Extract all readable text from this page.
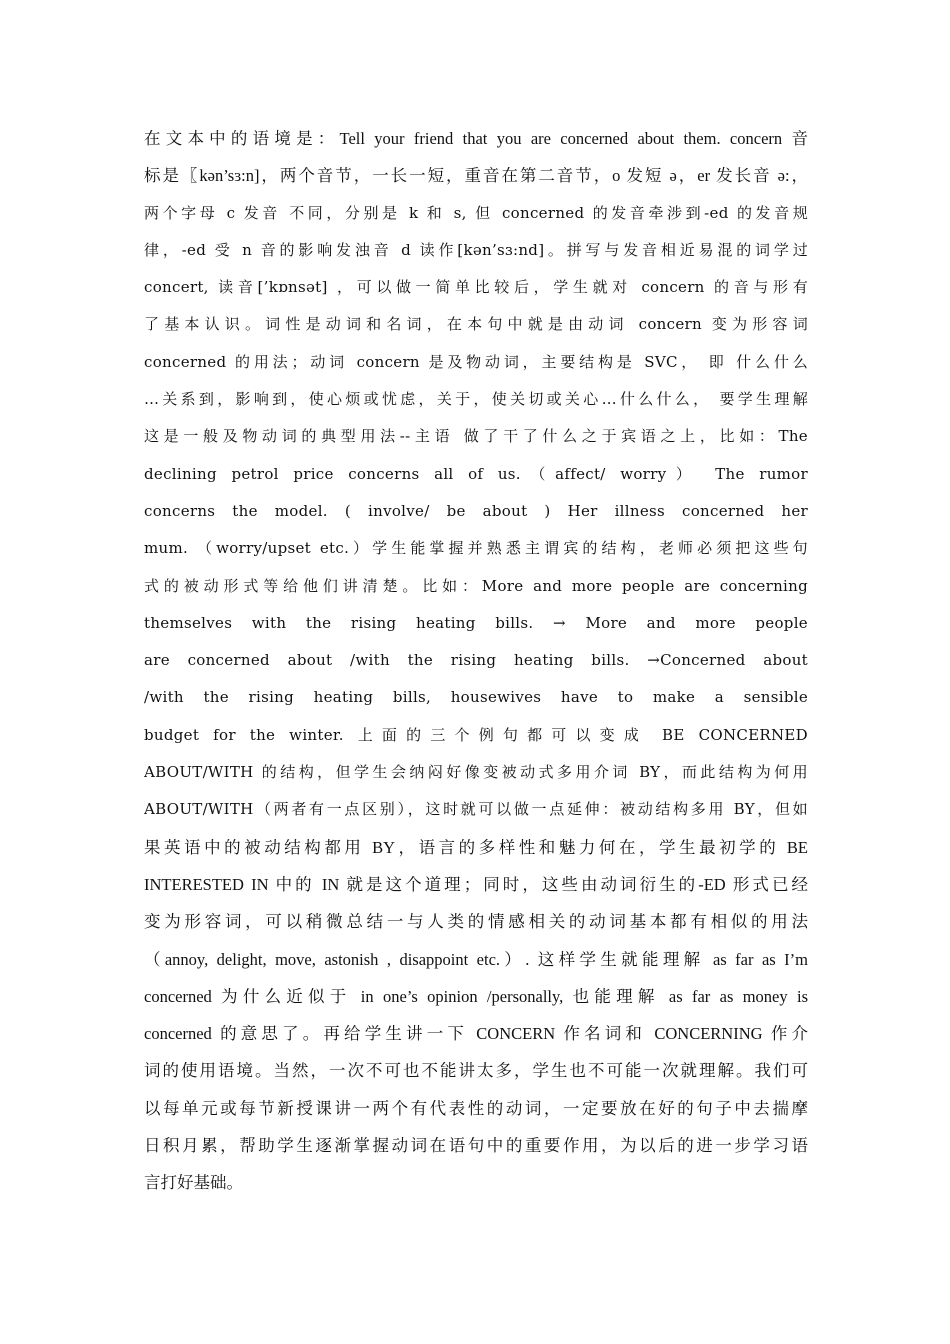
在文本中的语境是：Tell your friend that you are concerned about them. concern 音
标是〖kən’sɜ:n]，两个音节，一长一短，重音在第二音节，o 发短 ə，er 发长音 ə:，
两个字母 c 发音 不同，分别是 k 和 s, 但 concerned 的发音牵涉到-ed 的发音规
律，-ed 受 n 音的影响发浊音 d 读作[kən’sɜ:nd]。拼写与发音相近易混的词学过
concert, 读音[’kɒnsət] ，可以做一简单比较后，学生就对 concern 的音与形有
了基本认识。词性是动词和名词，在本句中就是由动词 concern 变为形容词
concerned 的用法；动词 concern 是及物动词，主要结构是 SVC， 即 什么什么
…关系到，影响到，使心烦或忧虑，关于，使关切或关心…什么什么， 要学生理解
这是一般及物动词的典型用法--主语 做了干了什么之于宾语之上，比如：The
declining petrol price concerns all of us.（affect/ worry） The rumor
concerns the model. ( involve/ be about ) Her illness concerned her
mum. （worry/upset etc.）学生能掌握并熟悉主谓宾的结构，老师必须把这些句
式的被动形式等给他们讲清楚。比如：More and more people are concerning
themselves with the rising heating bills. → More and more people
are concerned about /with the rising heating bills. →Concerned about
/with the rising heating bills, housewives have to make a sensible
budget for the winter. 上面的三个例句都可以变成 BE CONCERNED
ABOUT/WITH 的结构，但学生会纳闷好像变被动式多用介词 BY，而此结构为何用
ABOUT/WITH（两者有一点区别），这时就可以做一点延伸：被动结构多用 BY，但如
果英语中的被动结构都用 BY，语言的多样性和魅力何在，学生最初学的 BE
INTERESTED IN 中的 IN 就是这个道理；同时，这些由动词衍生的-ED 形式已经
变为形容词，可以稍微总结一与人类的情感相关的动词基本都有相似的用法
（annoy, delight, move, astonish , disappoint etc.）. 这样学生就能理解 as far as I’m
concerned 为什么近似于 in one’s opinion /personally, 也能理解 as far as money is
concerned 的意思了。再给学生讲一下 CONCERN 作名词和 CONCERNING 作介
词的使用语境。当然，一次不可也不能讲太多，学生也不可能一次就理解。我们可
以每单元或每节新授课讲一两个有代表性的动词，一定要放在好的句子中去揣摩
日积月累，帮助学生逐渐掌握动词在语句中的重要作用，为以后的进一步学习语
言打好基础。
